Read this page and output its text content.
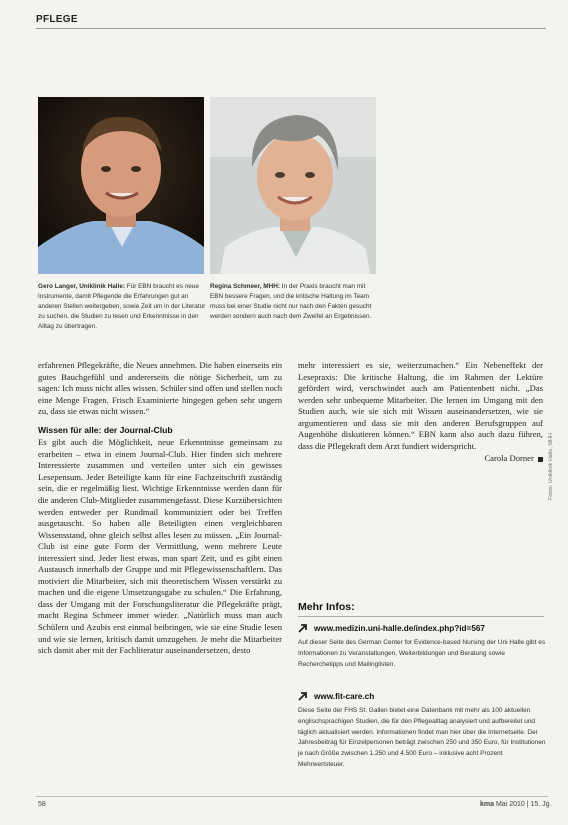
PFLEGE
Gero Langer, Uniklinik Halle: Für EBN braucht es neue Instrumente, damit Pflegende die Erfahrungen gut an anderen Stellen weitergeben, sowie Zeit um in der Literatur zu suchen, die Studien zu lesen und Erkenntnisse in den Alltag zu übertragen.
Regina Schmeer, MHH: In der Praxis braucht man mit EBN bessere Fragen, und die kritische Haltung im Team muss bei einer Studie nicht nur nach den Fakten gesucht werden sondern auch nach dem Zweifel an Ergebnissen.

erfahrenen Pflegekräfte, die Neues annehmen. Die haben einerseits ein gutes Bauchgefühl und andererseits die nötige Sicherheit, um zu sagen: Ich muss nicht alles wissen. Schüler sind offen und stellen noch eine Menge Fragen. Frisch Examinierte hingegen geben sehr ungern zu, dass sie etwas nicht wissen.“

Wissen für alle: der Journal-Club

Es gibt auch die Möglichkeit, neue Erkenntnisse gemeinsam zu erarbeiten – etwa in einem Journal-Club. Hier finden sich mehrere Interessierte zusammen und verteilen unter sich ein gewisses Lesepensum. Jeder Beteiligte kann für eine Fachzeitschrift zuständig sein, die er regelmäßig liest. Wichtige Erkenntnisse werden dann für die anderen Club-Mitglieder zusammengefasst. Diese Kurzübersichten werden entweder per Rundmail kommuniziert oder bei Treffen ausgetauscht. So haben alle Beteiligten einen vergleichbaren Wissensstand, ohne gleich selbst alles lesen zu müssen. „Ein Journal-Club ist eine gute Form der Vermittlung, wenn mehrere Leute interessiert sind. Jeder liest etwas, man spart Zeit, und es gibt einen Austausch innerhalb der Gruppe und mit Pflegewissenschaftlern. Das motiviert die Mitarbeiter, sich mit theoretischem Wissen verstärkt zu machen und die eigene Umsetzungsgabe zu schulen.“ Die Erfahrung, dass der Umgang mit der Forschungsliteratur die Pflegekräfte prägt, macht Regina Schmeer immer wieder. „Natürlich muss man auch Schülern und Azubis erst einmal beibringen, wie sie eine Studie lesen und wie sie lernen, kritisch damit umzugehen. Je mehr die Mitarbeiter sich damit aber mit der Fachliteratur auseinandersetzen, desto

mehr interessiert es sie, weiterzumachen.“ Ein Nebeneffekt der Lesepraxis: Die kritische Haltung, die im Rahmen der Lektüre gefördert wird, verschwindet auch am Patientenbett nicht. „Das werden sehr unbequeme Mitarbeiter. Die lernen im Umgang mit den Studien auch, wie sie sich mit Wissen auseinandersetzen, wie sie argumentieren und dass sie mit den anderen Berufsgruppen auf Augenhöhe diskutieren können.“ EBN kann also auch dazu führen, dass die Pflegekraft dem Arzt fundiert widerspricht.

Carola Dorner
Mehr Infos:
www.medizin.uni-halle.de/index.php?id=567
Auf dieser Seite des German Center for Evidence-based Nursing der Uni Halle gibt es Informationen zu Veranstaltungen, Weiterbildungen und Beratung sowie Recherchetipps und Mailinglisten.
www.fit-care.ch
Diese Seite der FHS St. Gallen bietet eine Datenbank mit mehr als 100 aktuellen englischsprachigen Studien, die für den Pflegealltag analysiert und aufbereitet und täglich aktualisiert werden. Informationen findet man hier über die Internetseite. Der Jahresbeitrag für Einzelpersonen beträgt zwischen 250 und 350 Euro, für Institutionen je nach Größe zwischen 1.250 und 4.500 Euro – inklusive acht Prozent Mehrwertsteuer.
Fotos: Uniklinik Halle, MHH
58	kma Mai 2010 | 15. Jg.
